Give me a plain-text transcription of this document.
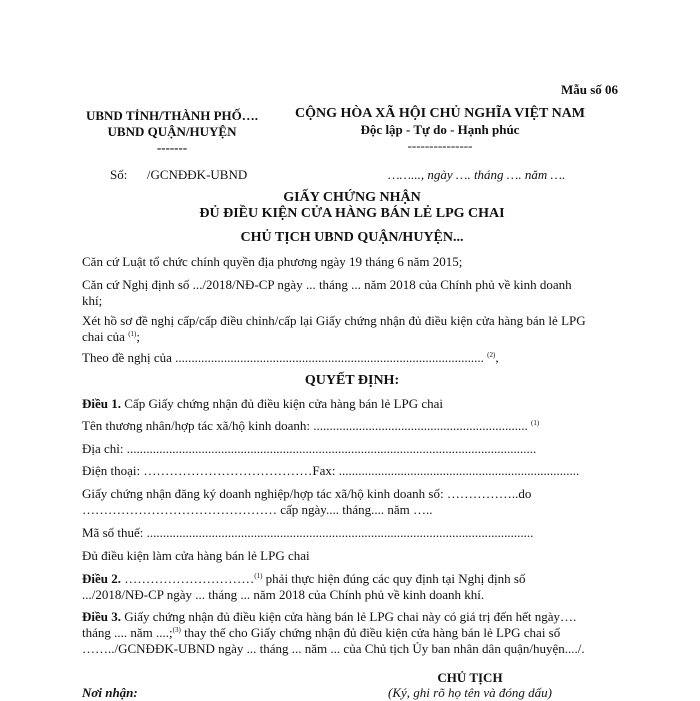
Mẫu số 06
UBND TỈNH/THÀNH PHỐ….
UBND QUẬN/HUYỆN
-------
Số:      /GCNĐĐK-UBND
CỘNG HÒA XÃ HỘI CHỦ NGHĨA VIỆT NAM
Độc lập - Tự do - Hạnh phúc
---------------
……..., ngày …. tháng …. năm ….
GIẤY CHỨNG NHẬN
ĐỦ ĐIỀU KIỆN CỬA HÀNG BÁN LẺ LPG CHAI
CHỦ TỊCH UBND QUẬN/HUYỆN...
Căn cứ Luật tổ chức chính quyền địa phương ngày 19 tháng 6 năm 2015;
Căn cứ Nghị định số .../2018/NĐ-CP ngày ... tháng ... năm 2018 của Chính phủ về kinh doanh
khí;
Xét hồ sơ đề nghị cấp/cấp điều chỉnh/cấp lại Giấy chứng nhận đủ điều kiện cửa hàng bán lẻ LPG
chai của $^{(1)}$;
Theo đề nghị của ............................................................................................... $^{(2)}$,
QUYẾT ĐỊNH:
Điều 1. Cấp Giấy chứng nhận đủ điều kiện cửa hàng bán lẻ LPG chai
Tên thương nhân/hợp tác xã/hộ kinh doanh: .................................................................. $^{(1)}$
Địa chỉ: ..............................................................................................................................
Điện thoại: …………………………………Fax: ..........................................................................
Giấy chứng nhận đăng ký doanh nghiệp/hợp tác xã/hộ kinh doanh số: ……………..do
……………………………………… cấp ngày.... tháng.... năm …..
Mã số thuế: .......................................................................................................................
Đủ điều kiện làm cửa hàng bán lẻ LPG chai
Điều 2. …………………………$^{(1)}$ phải thực hiện đúng các quy định tại Nghị định số
.../2018/NĐ-CP ngày ... tháng ... năm 2018 của Chính phủ về kinh doanh khí.
Điều 3. Giấy chứng nhận đủ điều kiện cửa hàng bán lẻ LPG chai này có giá trị đến hết ngày….
tháng .... năm ....;$^{(3)}$ thay thế cho Giấy chứng nhận đủ điều kiện cửa hàng bán lẻ LPG chai số
……../GCNĐĐK-UBND ngày ... tháng ... năm ... của Chủ tịch Ủy ban nhân dân quận/huyện..../.
CHỦ TỊCH
Nơi nhận:	(Ký, ghi rõ họ tên và đóng dấu)
